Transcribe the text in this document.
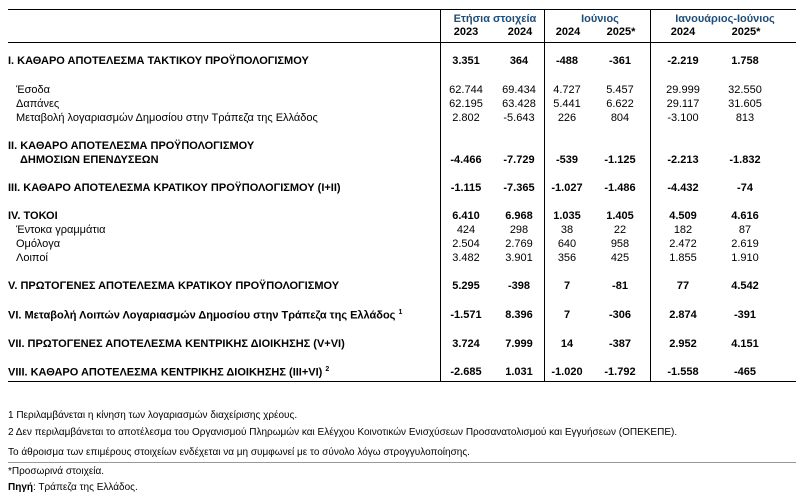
Ετήσια στοιχεία	Ιούνιος	Ιανουάριος-Ιούνιος
2023	2024	2024	2025*	2024	2025*
I. ΚΑΘΑΡΟ ΑΠΟΤΕΛΕΣΜΑ ΤΑΚΤΙΚΟΥ ΠΡΟΫΠΟΛΟΓΙΣΜΟΥ	3.351	364	-488	-361	-2.219	1.758
Έσοδα	62.744	69.434	4.727	5.457	29.999	32.550
Δαπάνες	62.195	63.428	5.441	6.622	29.117	31.605
Μεταβολή λογαριασμών Δημοσίου στην Τράπεζα της Ελλάδος	2.802	-5.643	226	804	-3.100	813
II. ΚΑΘΑΡΟ ΑΠΟΤΕΛΕΣΜΑ ΠΡΟΫΠΟΛΟΓΙΣΜΟΥ
ΔΗΜΟΣΙΩΝ ΕΠΕΝΔΥΣΕΩΝ	-4.466	-7.729	-539	-1.125	-2.213	-1.832
III. ΚΑΘΑΡΟ ΑΠΟΤΕΛΕΣΜΑ ΚΡΑΤΙΚΟΥ ΠΡΟΫΠΟΛΟΓΙΣΜΟΥ (I+II)	-1.115	-7.365	-1.027	-1.486	-4.432	-74
IV. ΤΟΚΟΙ	6.410	6.968	1.035	1.405	4.509	4.616
Έντοκα γραμμάτια	424	298	38	22	182	87
Ομόλογα	2.504	2.769	640	958	2.472	2.619
Λοιποί	3.482	3.901	356	425	1.855	1.910
V. ΠΡΩΤΟΓΕΝΕΣ ΑΠΟΤΕΛΕΣΜΑ ΚΡΑΤΙΚΟΥ ΠΡΟΫΠΟΛΟΓΙΣΜΟΥ	5.295	-398	7	-81	77	4.542
VI. Μεταβολή Λοιπών Λογαριασμών Δημοσίου στην Τράπεζα της Ελλάδος $^1$	-1.571	8.396	7	-306	2.874	-391
VII. ΠΡΩΤΟΓΕΝΕΣ ΑΠΟΤΕΛΕΣΜΑ ΚΕΝΤΡΙΚΗΣ ΔΙΟΙΚΗΣΗΣ (V+VI)	3.724	7.999	14	-387	2.952	4.151
VIII. ΚΑΘΑΡΟ ΑΠΟΤΕΛΕΣΜΑ ΚΕΝΤΡΙΚΗΣ ΔΙΟΙΚΗΣΗΣ (III+VI) $^2$	-2.685	1.031	-1.020	-1.792	-1.558	-465
1 Περιλαμβάνεται η κίνηση των λογαριασμών διαχείρισης χρέους.
2 Δεν περιλαμβάνεται το αποτέλεσμα του Οργανισμού Πληρωμών και Ελέγχου Κοινοτικών Ενισχύσεων Προσανατολισμού και Εγγυήσεων (ΟΠΕΚΕΠΕ).
Το άθροισμα των επιμέρους στοιχείων ενδέχεται να μη συμφωνεί με το σύνολο λόγω στρογγυλοποίησης.
*Προσωρινά στοιχεία.
Πηγή: Τράπεζα της Ελλάδος.
